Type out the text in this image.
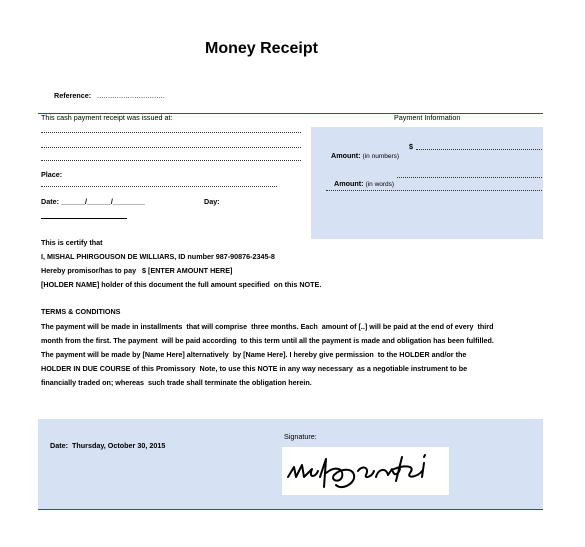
Money Receipt
Reference: ...............................
This cash payment receipt was issued at:
Place:
Date: ______/______/________	Day:
Payment Information

Amount: (in numbers)

$

Amount: (in words)

This is certify that
I, MISHAL PHIRGOUSON DE WILLIARS, ID number 987-90876-2345-8
Hereby promisor/has to pay   $ [ENTER AMOUNT HERE]
[HOLDER NAME] holder of this document the full amount specified  on this NOTE.
TERMS & CONDITIONS
The payment will be made in installments  that will comprise  three months. Each  amount of [..] will be paid at the end of every  third
month from the first. The payment  will be paid according  to this term until all the payment is made and obligation has been fulfilled.
The payment will be made by [Name Here] alternatively  by [Name Here]. I hereby give permission  to the HOLDER and/or the
HOLDER IN DUE COURSE of this Promissory  Note, to use this NOTE in any way necessary  as a negotiable instrument to be
financially traded on; whereas  such trade shall terminate the obligation herein.

Date: Thursday, October 30, 2015

Signature:
